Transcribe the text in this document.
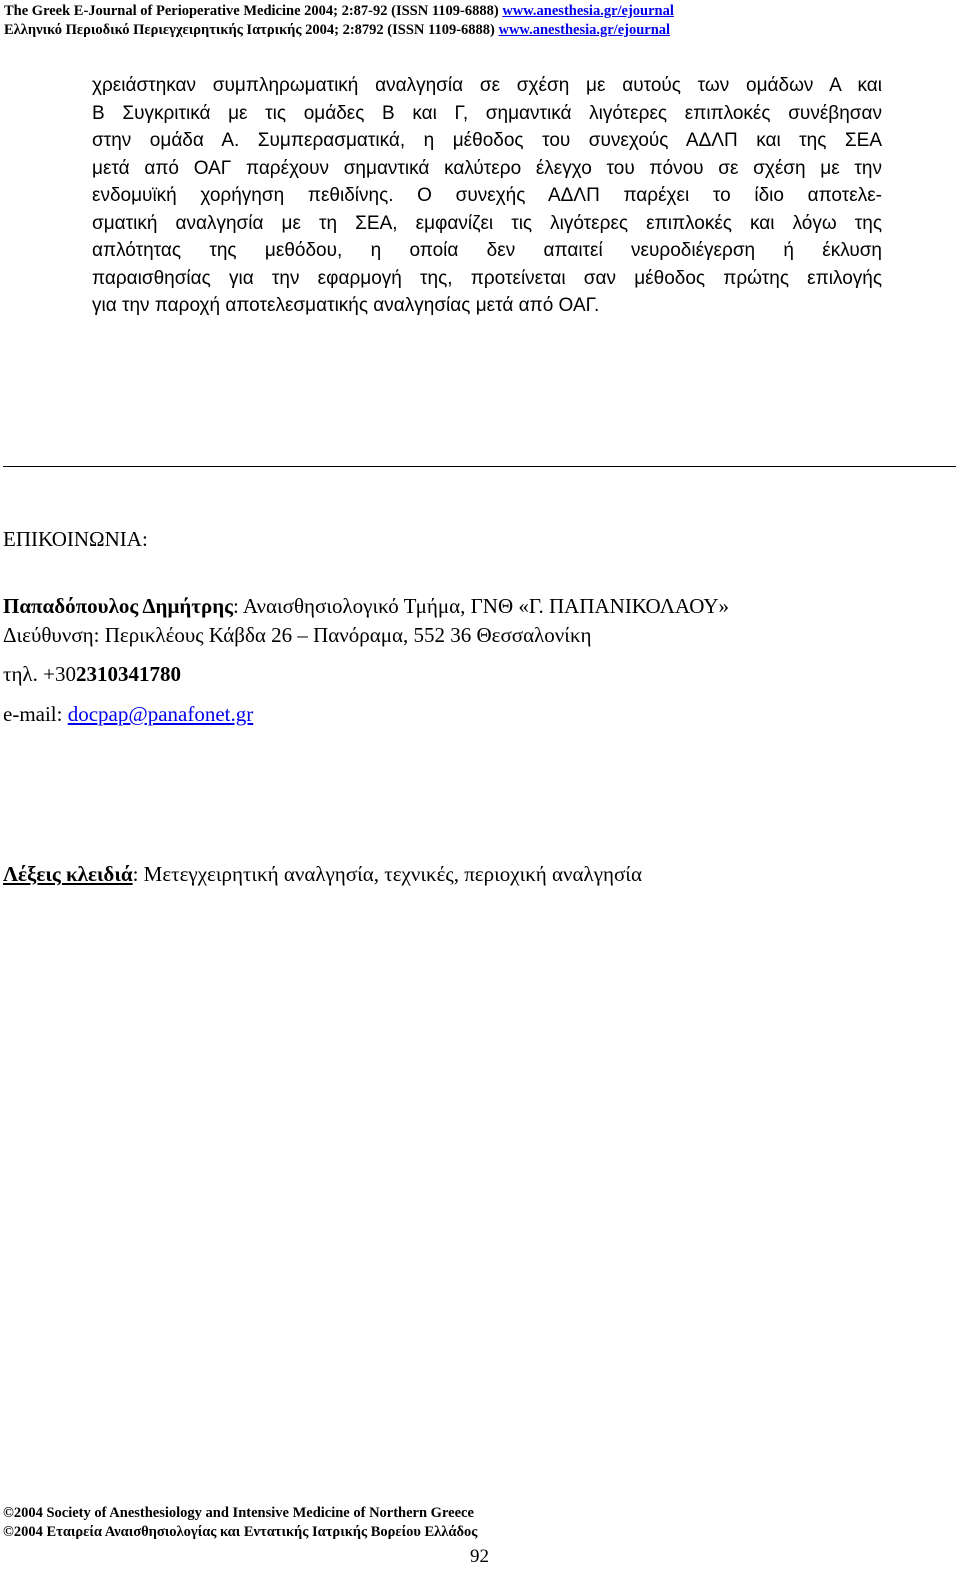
The Greek E-Journal of Perioperative Medicine 2004; 2:87-92 (ISSN 1109-6888) www.anesthesia.gr/ejournal
Ελληνικό Περιοδικό Περιεγχειρητικής Ιατρικής 2004; 2:8792 (ISSN 1109-6888) www.anesthesia.gr/ejournal

χρειάστηκαν συμπληρωματική αναλγησία σε σχέση με αυτούς των ομάδων Α και
Β Συγκριτικά με τις ομάδες Β και Γ, σημαντικά λιγότερες επιπλοκές συνέβησαν
στην ομάδα Α. Συμπερασματικά, η μέθοδος του συνεχούς ΑΔΛΠ και της ΣΕΑ
μετά από ΟΑΓ παρέχουν σημαντικά καλύτερο έλεγχο του πόνου σε σχέση με την
ενδομυϊκή χορήγηση πεθιδίνης. Ο συνεχής ΑΔΛΠ παρέχει το ίδιο αποτελε-
σματική αναλγησία με τη ΣΕΑ, εμφανίζει τις λιγότερες επιπλοκές και λόγω της
απλότητας της μεθόδου, η οποία δεν απαιτεί νευροδιέγερση ή έκλυση
παραισθησίας για την εφαρμογή της, προτείνεται σαν μέθοδος πρώτης επιλογής
για την παροχή αποτελεσματικής αναλγησίας μετά από ΟΑΓ.

ΕΠΙΚΟΙΝΩΝΙΑ:
Παπαδόπουλος Δημήτρης: Αναισθησιολογικό Τμήμα, ΓΝΘ «Γ. ΠΑΠΑΝΙΚΟΛΑΟΥ»
Διεύθυνση: Περικλέους Κάβδα 26 – Πανόραμα, 552 36 Θεσσαλονίκη
τηλ. +302310341780
e-mail: docpap@panafonet.gr
Λέξεις κλειδιά: Μετεγχειρητική αναλγησία, τεχνικές, περιοχική αναλγησία
©2004 Society of Anesthesiology and Intensive Medicine of Northern Greece
©2004 Εταιρεία Αναισθησιολογίας και Εντατικής Ιατρικής Βορείου Ελλάδος
92
